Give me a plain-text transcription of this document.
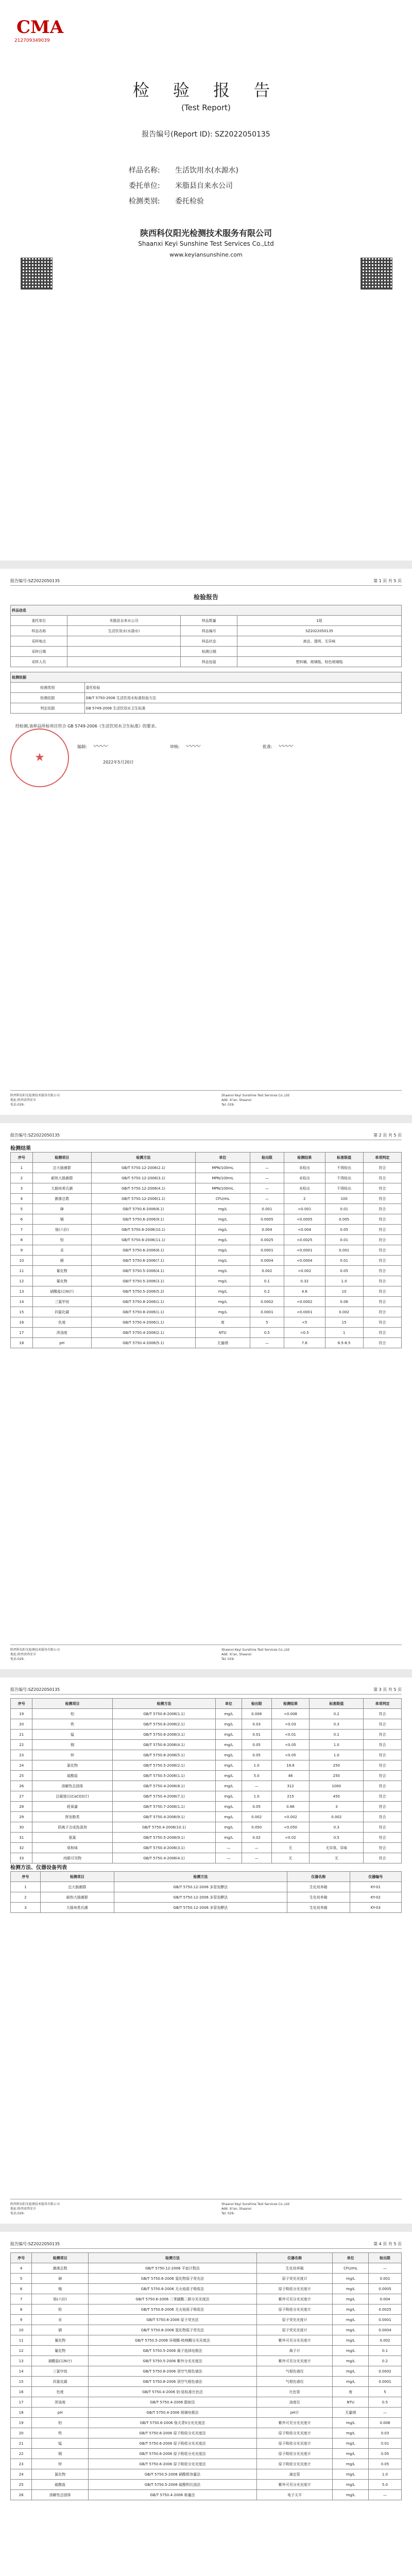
CMA
212709349039
检 验 报 告
(Test Report)
报告编号(Report ID): SZ2022050135
样品名称: 生活饮用水(水源水)
委托单位: 米脂县自来水公司
检测类别: 委托检验
陕西科仪阳光检测技术服务有限公司
Shaanxi Keyi Sunshine Test Services Co.,Ltd
www.keyiansunshine.com
报告编号:SZ2022050135	第 1 页 共 5 页
检验报告
样品信息			
委托单位	米脂县自来水公司	样品数量	1组
样品名称	生活饮用水(水源水)	样品编号	SZ2022050135
采样地点		样品状态	液态、透明、无异味
采样日期		检测日期	
采样人员		样品包装	塑料桶、玻璃瓶、棕色玻璃瓶
检测依据	
检测类别	委托检验
检测依据	GB/T 5750-2006 生活饮用水标准检验方法
判定依据	GB 5749-2006 生活饮用水卫生标准
经检测,该样品所检项目符合 GB 5749-2006《生活饮用水卫生标准》的要求。
★
编制: 〰〰	审核: 〰〰	批准: 〰〰
2022年5月20日
陕西科仪阳光检测技术服务有限公司
地址:陕西省西安市
电话:029-
Shaanxi Keyi Sunshine Test Services Co.,Ltd
Add: Xi'an, Shaanxi
Tel: 029-
报告编号:SZ2022050135	第 2 页 共 5 页
检测结果
序号	检测项目	检测方法	单位	检出限	检测结果	标准限值	单项判定
1	总大肠菌群	GB/T 5750.12-2006(2.1)	MPN/100mL	—	未检出	不得检出	符合
2	耐热大肠菌群	GB/T 5750.12-2006(3.1)	MPN/100mL	—	未检出	不得检出	符合
3	大肠埃希氏菌	GB/T 5750.12-2006(4.1)	MPN/100mL	—	未检出	不得检出	符合
4	菌落总数	GB/T 5750.12-2006(1.1)	CFU/mL	—	2	100	符合
5	砷	GB/T 5750.6-2006(6.1)	mg/L	0.001	<0.001	0.01	符合
6	镉	GB/T 5750.6-2006(9.1)	mg/L	0.0005	<0.0005	0.005	符合
7	铬(六价)	GB/T 5750.6-2006(10.1)	mg/L	0.004	<0.004	0.05	符合
8	铅	GB/T 5750.6-2006(11.1)	mg/L	0.0025	<0.0025	0.01	符合
9	汞	GB/T 5750.6-2006(8.1)	mg/L	0.0001	<0.0001	0.001	符合
10	硒	GB/T 5750.6-2006(7.1)	mg/L	0.0004	<0.0004	0.01	符合
11	氰化物	GB/T 5750.5-2006(4.1)	mg/L	0.002	<0.002	0.05	符合
12	氟化物	GB/T 5750.5-2006(3.1)	mg/L	0.1	0.32	1.0	符合
13	硝酸盐(以N计)	GB/T 5750.5-2006(5.2)	mg/L	0.2	4.6	10	符合
14	三氯甲烷	GB/T 5750.8-2006(1.1)	mg/L	0.0002	<0.0002	0.06	符合
15	四氯化碳	GB/T 5750.8-2006(1.1)	mg/L	0.0001	<0.0001	0.002	符合
16	色度	GB/T 5750.4-2006(1.1)	度	5	<5	15	符合
17	浑浊度	GB/T 5750.4-2006(2.1)	NTU	0.5	<0.5	1	符合
18	pH	GB/T 5750.4-2006(5.1)	无量纲	—	7.6	6.5-8.5	符合
陕西科仪阳光检测技术服务有限公司
地址:陕西省西安市
电话:029-
Shaanxi Keyi Sunshine Test Services Co.,Ltd
Add: Xi'an, Shaanxi
Tel: 029-
报告编号:SZ2022050135	第 3 页 共 5 页
序号	检测项目	检测方法	单位	检出限	检测结果	标准限值	单项判定
19	铝	GB/T 5750.6-2006(1.1)	mg/L	0.008	<0.008	0.2	符合
20	铁	GB/T 5750.6-2006(2.1)	mg/L	0.03	<0.03	0.3	符合
21	锰	GB/T 5750.6-2006(3.1)	mg/L	0.01	<0.01	0.1	符合
22	铜	GB/T 5750.6-2006(4.1)	mg/L	0.05	<0.05	1.0	符合
23	锌	GB/T 5750.6-2006(5.1)	mg/L	0.05	<0.05	1.0	符合
24	氯化物	GB/T 5750.5-2006(2.1)	mg/L	1.0	18.6	250	符合
25	硫酸盐	GB/T 5750.5-2006(1.1)	mg/L	5.0	46	250	符合
26	溶解性总固体	GB/T 5750.4-2006(8.1)	mg/L	—	312	1000	符合
27	总硬度(以CaCO3计)	GB/T 5750.4-2006(7.1)	mg/L	1.0	215	450	符合
28	耗氧量	GB/T 5750.7-2006(1.1)	mg/L	0.05	0.86	3	符合
29	挥发酚类	GB/T 5750.4-2006(9.1)	mg/L	0.002	<0.002	0.002	符合
30	阴离子合成洗涤剂	GB/T 5750.4-2006(10.1)	mg/L	0.050	<0.050	0.3	符合
31	氨氮	GB/T 5750.5-2006(9.1)	mg/L	0.02	<0.02	0.5	符合
32	臭和味	GB/T 5750.4-2006(3.1)	—	—	无	无异臭、异味	符合
33	肉眼可见物	GB/T 5750.4-2006(4.1)	—	—	无	无	符合
检测方法、仪器设备列表
序号	检测项目	检测方法	仪器名称	仪器编号
1	总大肠菌群	GB/T 5750.12-2006 多管发酵法	生化培养箱	KY-01
2	耐热大肠菌群	GB/T 5750.12-2006 多管发酵法	生化培养箱	KY-02
3	大肠埃希氏菌	GB/T 5750.12-2006 多管发酵法	生化培养箱	KY-03
陕西科仪阳光检测技术服务有限公司
地址:陕西省西安市
电话:029-
Shaanxi Keyi Sunshine Test Services Co.,Ltd
Add: Xi'an, Shaanxi
Tel: 029-
报告编号:SZ2022050135	第 4 页 共 5 页
序号	检测项目	检测方法	仪器名称	单位	检出限
4	菌落总数	GB/T 5750.12-2006 平皿计数法	生化培养箱	CFU/mL	—
5	砷	GB/T 5750.6-2006 氢化物原子荧光法	原子荧光光度计	mg/L	0.001
6	镉	GB/T 5750.6-2006 无火焰原子吸收法	原子吸收分光光度计	mg/L	0.0005
7	铬(六价)	GB/T 5750.6-2006 二苯碳酰二肼分光光度法	紫外可见分光光度计	mg/L	0.004
8	铅	GB/T 5750.6-2006 无火焰原子吸收法	原子吸收分光光度计	mg/L	0.0025
9	汞	GB/T 5750.6-2006 原子荧光法	原子荧光光度计	mg/L	0.0001
10	硒	GB/T 5750.6-2006 氢化物原子荧光法	原子荧光光度计	mg/L	0.0004
11	氰化物	GB/T 5750.5-2006 异烟酸-吡唑酮分光光度法	紫外可见分光光度计	mg/L	0.002
12	氟化物	GB/T 5750.5-2006 离子选择电极法	离子计	mg/L	0.1
13	硝酸盐(以N计)	GB/T 5750.5-2006 紫外分光光度法	紫外可见分光光度计	mg/L	0.2
14	三氯甲烷	GB/T 5750.8-2006 顶空气相色谱法	气相色谱仪	mg/L	0.0002
15	四氯化碳	GB/T 5750.8-2006 顶空气相色谱法	气相色谱仪	mg/L	0.0001
16	色度	GB/T 5750.4-2006 铂-钴标准比色法	比色管	度	5
17	浑浊度	GB/T 5750.4-2006 散射法	浊度仪	NTU	0.5
18	pH	GB/T 5750.4-2006 玻璃电极法	pH计	无量纲	—
19	铝	GB/T 5750.6-2006 铬天青S分光光度法	紫外可见分光光度计	mg/L	0.008
20	铁	GB/T 5750.6-2006 原子吸收分光光度法	原子吸收分光光度计	mg/L	0.03
21	锰	GB/T 5750.6-2006 原子吸收分光光度法	原子吸收分光光度计	mg/L	0.01
22	铜	GB/T 5750.6-2006 原子吸收分光光度法	原子吸收分光光度计	mg/L	0.05
23	锌	GB/T 5750.6-2006 原子吸收分光光度法	原子吸收分光光度计	mg/L	0.05
24	氯化物	GB/T 5750.5-2006 硝酸银容量法	滴定管	mg/L	1.0
25	硫酸盐	GB/T 5750.5-2006 硫酸钡比浊法	紫外可见分光光度计	mg/L	5.0
26	溶解性总固体	GB/T 5750.4-2006 称量法	电子天平	mg/L	—
